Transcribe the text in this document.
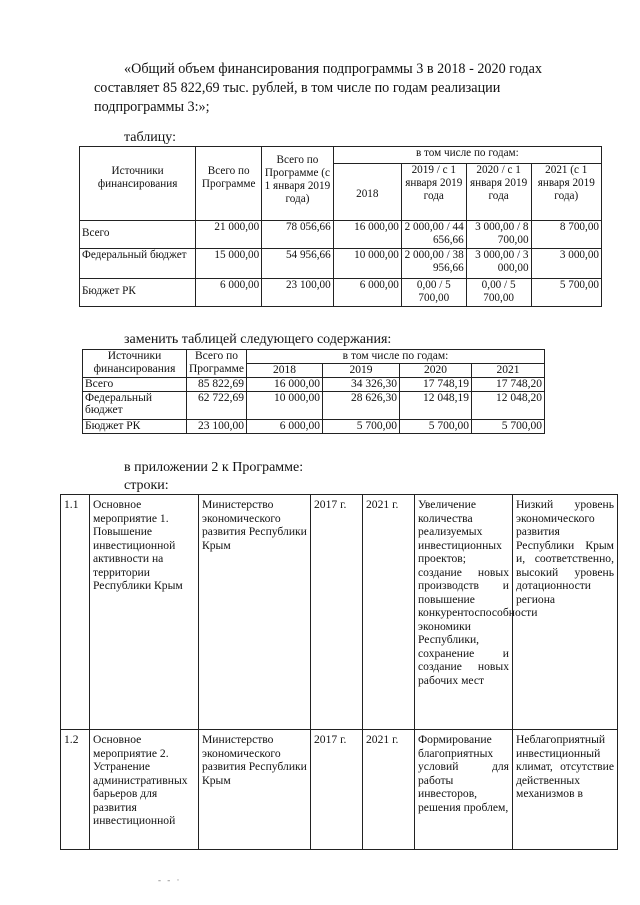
«Общий объем финансирования подпрограммы 3 в 2018 - 2020 годах
составляет 85 822,69 тыс. рублей, в том числе по годам реализации
подпрограммы 3:»;
таблицу:
Источники финансирования	Всего по Программе	Всего по Программе (с 1 января 2019 года)	в том числе по годам:			
			2018	2019 / с 1 января 2019 года	2020 / с 1 января 2019 года	2021 (с 1 января 2019 года)
Всего	21 000,00	78 056,66	16 000,00	2 000,00 / 44 656,66	3 000,00 / 8 700,00	8 700,00
Федеральный бюджет	15 000,00	54 956,66	10 000,00	2 000,00 / 38 956,66	3 000,00 / 3 000,00	3 000,00
Бюджет РК	6 000,00	23 100,00	6 000,00	0,00 / 5 700,00	0,00 / 5 700,00	5 700,00
заменить таблицей следующего содержания:
Источники финансирования	Всего по Программе	в том числе по годам:			
		2018	2019	2020	2021
Всего	85 822,69	16 000,00	34 326,30	17 748,19	17 748,20
Федеральный бюджет	62 722,69	10 000,00	28 626,30	12 048,19	12 048,20
Бюджет РК	23 100,00	6 000,00	5 700,00	5 700,00	5 700,00
в приложении 2 к Программе:
строки:
1.1	Основное мероприятие 1. Повышение инвестиционной активности на территории Республики Крым	Министерство экономического развития Республики Крым	2017 г.	2021 г.	Увеличение количества реализуемых инвестиционных проектов; создание новых производств и повышение конкурентоспособности экономики Республики, сохранение и создание новых рабочих мест	Низкий уровень экономического развития Республики Крым и, соответственно, высокий уровень дотационности региона
1.2	Основное мероприятие 2. Устранение административных барьеров для развития инвестиционной	Министерство экономического развития Республики Крым	2017 г.	2021 г.	Формирование благоприятных условий для работы инвесторов, решения проблем,	Неблагоприятный инвестиционный климат, отсутствие действенных механизмов в
- - ·
